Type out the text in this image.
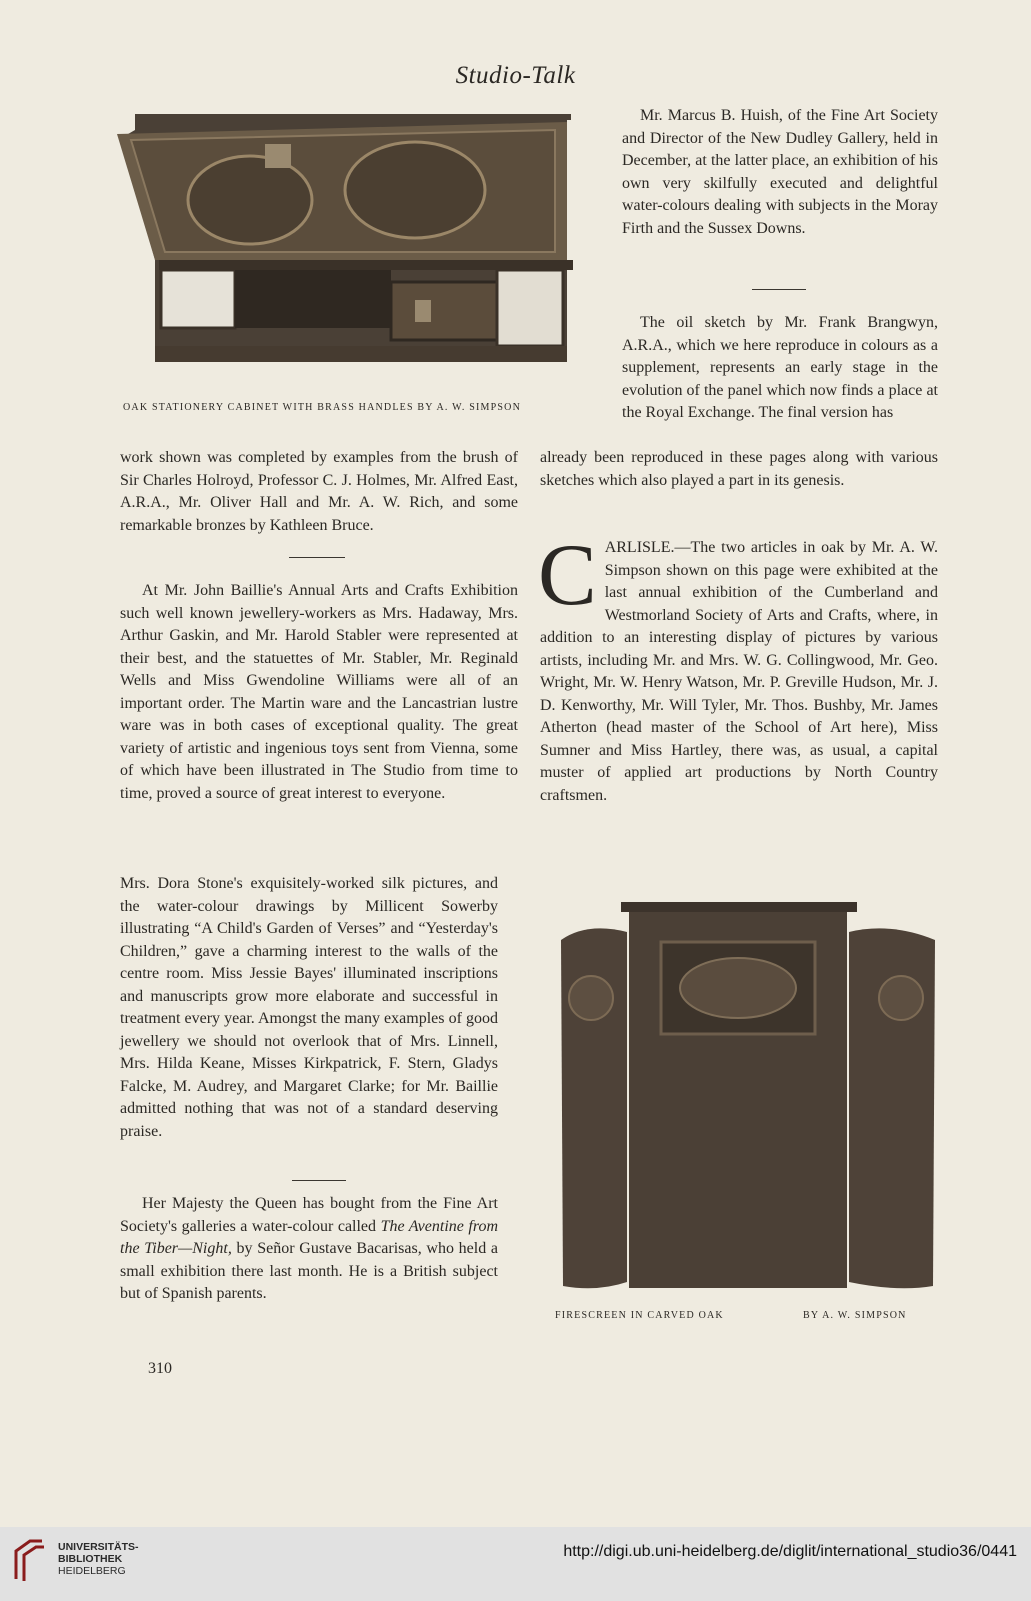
Studio-Talk
OAK STATIONERY CABINET WITH BRASS HANDLES BY A. W. SIMPSON

Mr. Marcus B. Huish, of the Fine Art Society and Director of the New Dudley Gallery, held in December, at the latter place, an exhibition of his own very skilfully executed and delightful water-colours dealing with subjects in the Moray Firth and the Sussex Downs.

The oil sketch by Mr. Frank Brangwyn, A.R.A., which we here reproduce in colours as a supplement, represents an early stage in the evolution of the panel which now finds a place at the Royal Exchange. The final version has

already been reproduced in these pages along with various sketches which also played a part in its genesis.

work shown was completed by examples from the brush of Sir Charles Holroyd, Professor C. J. Holmes, Mr. Alfred East, A.R.A., Mr. Oliver Hall and Mr. A. W. Rich, and some remarkable bronzes by Kathleen Bruce.

At Mr. John Baillie's Annual Arts and Crafts Exhibition such well known jewellery-workers as Mrs. Hadaway, Mrs. Arthur Gaskin, and Mr. Harold Stabler were represented at their best, and the statuettes of Mr. Stabler, Mr. Reginald Wells and Miss Gwendoline Williams were all of an important order. The Martin ware and the Lancastrian lustre ware was in both cases of exceptional quality. The great variety of artistic and ingenious toys sent from Vienna, some of which have been illustrated in The Studio from time to time, proved a source of great interest to everyone.

Mrs. Dora Stone's exquisitely-worked silk pictures, and the water-colour drawings by Millicent Sowerby illustrating “A Child's Garden of Verses” and “Yesterday's Children,” gave a charming interest to the walls of the centre room. Miss Jessie Bayes' illuminated inscriptions and manuscripts grow more elaborate and successful in treatment every year. Amongst the many examples of good jewellery we should not overlook that of Mrs. Linnell, Mrs. Hilda Keane, Misses Kirkpatrick, F. Stern, Gladys Falcke, M. Audrey, and Margaret Clarke; for Mr. Baillie admitted nothing that was not of a standard deserving praise.

Her Majesty the Queen has bought from the Fine Art Society's galleries a water-colour called The Aventine from the Tiber—Night, by Señor Gustave Bacarisas, who held a small exhibition there last month. He is a British subject but of Spanish parents.

310

C ARLISLE.—The two articles in oak by Mr. A. W. Simpson shown on this page were exhibited at the last annual exhibition of the Cumberland and Westmorland Society of Arts and Crafts, where, in addition to an interesting display of pictures by various artists, including Mr. and Mrs. W. G. Collingwood, Mr. Geo. Wright, Mr. W. Henry Watson, Mr. P. Greville Hudson, Mr. J. D. Kenworthy, Mr. Will Tyler, Mr. Thos. Bushby, Mr. James Atherton (head master of the School of Art here), Miss Sumner and Miss Hartley, there was, as usual, a capital muster of applied art productions by North Country craftsmen.

FIRESCREEN IN CARVED OAK	BY A. W. SIMPSON
UNIVERSITÄTS-
BIBLIOTHEK
HEIDELBERG
http://digi.ub.uni-heidelberg.de/diglit/international_studio36/0441
